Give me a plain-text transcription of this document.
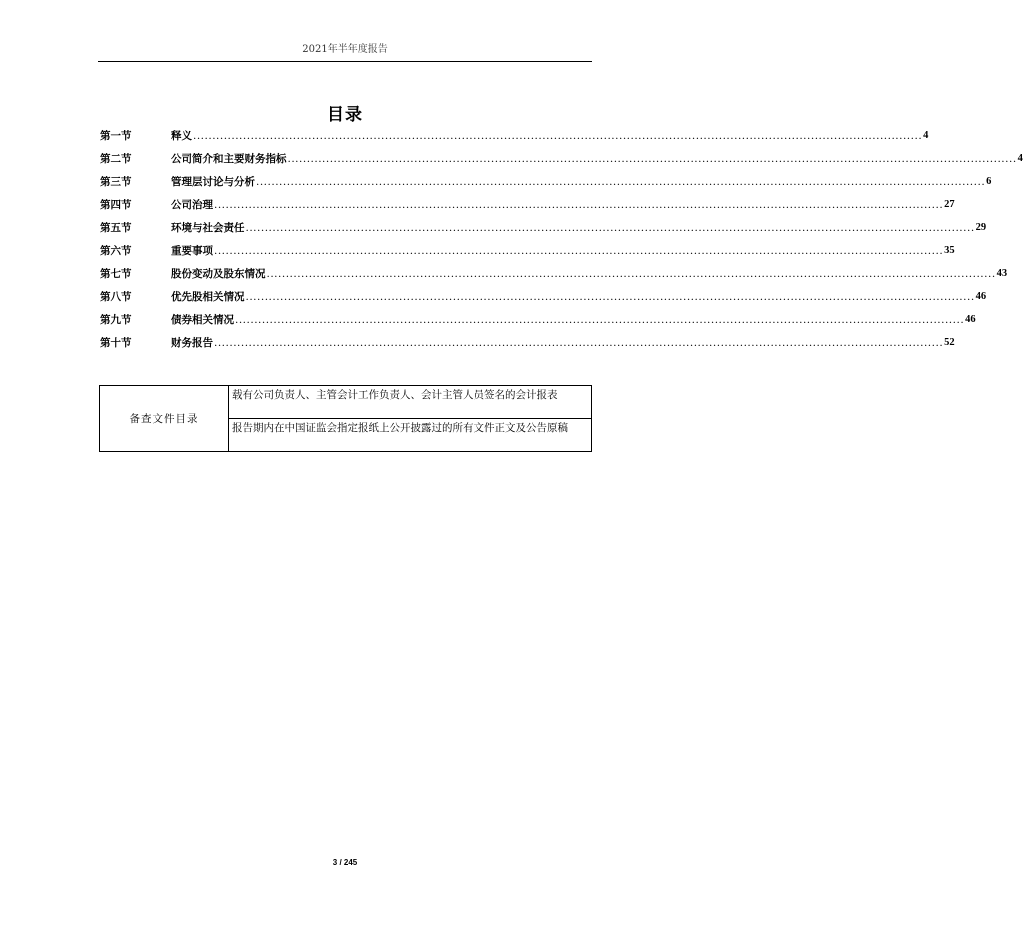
2021年半年度报告
目录
第一节	释义 .............................................................................................................................................................................................. 4
第二节	公司简介和主要财务指标 .............................................................................................................................................................................................. 4
第三节	管理层讨论与分析 .............................................................................................................................................................................................. 6
第四节	公司治理 .............................................................................................................................................................................................. 27
第五节	环境与社会责任 .............................................................................................................................................................................................. 29
第六节	重要事项 .............................................................................................................................................................................................. 35
第七节	股份变动及股东情况 .............................................................................................................................................................................................. 43
第八节	优先股相关情况 .............................................................................................................................................................................................. 46
第九节	债券相关情况 .............................................................................................................................................................................................. 46
第十节	财务报告 .............................................................................................................................................................................................. 52
备查文件目录	载有公司负责人、主管会计工作负责人、会计主管人员签名的会计报表
报告期内在中国证监会指定报纸上公开披露过的所有文件正文及公告原稿
3 / 245
